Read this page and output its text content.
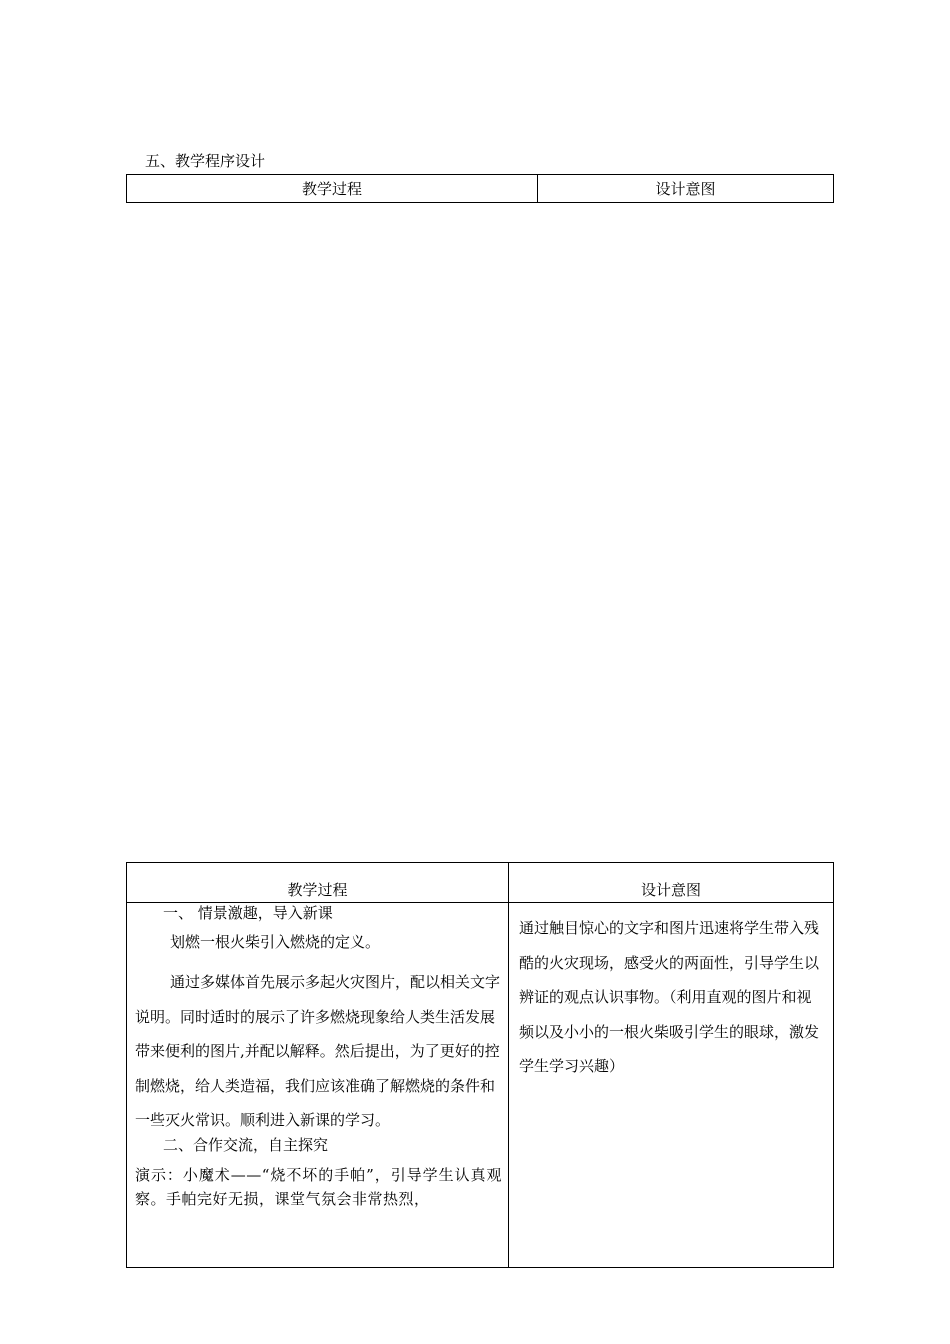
五、教学程序设计
教学过程	设计意图
教学过程	设计意图

一、 情景激趣，导入新课

划燃一根火柴引入燃烧的定义。

通过多媒体首先展示多起火灾图片，配以相关文字说明。同时适时的展示了许多燃烧现象给人类生活发展带来便利的图片,并配以解释。然后提出，为了更好的控制燃烧，给人类造福，我们应该准确了解燃烧的条件和一些灭火常识。顺利进入新课的学习。

二、合作交流，自主探究

演示：小魔术——“烧不坏的手帕”，引导学生认真观察。手帕完好无损，课堂气氛会非常热烈，	通过触目惊心的文字和图片迅速将学生带入残酷的火灾现场，感受火的两面性，引导学生以辨证的观点认识事物。（利用直观的图片和视频以及小小的一根火柴吸引学生的眼球，激发学生学习兴趣）
